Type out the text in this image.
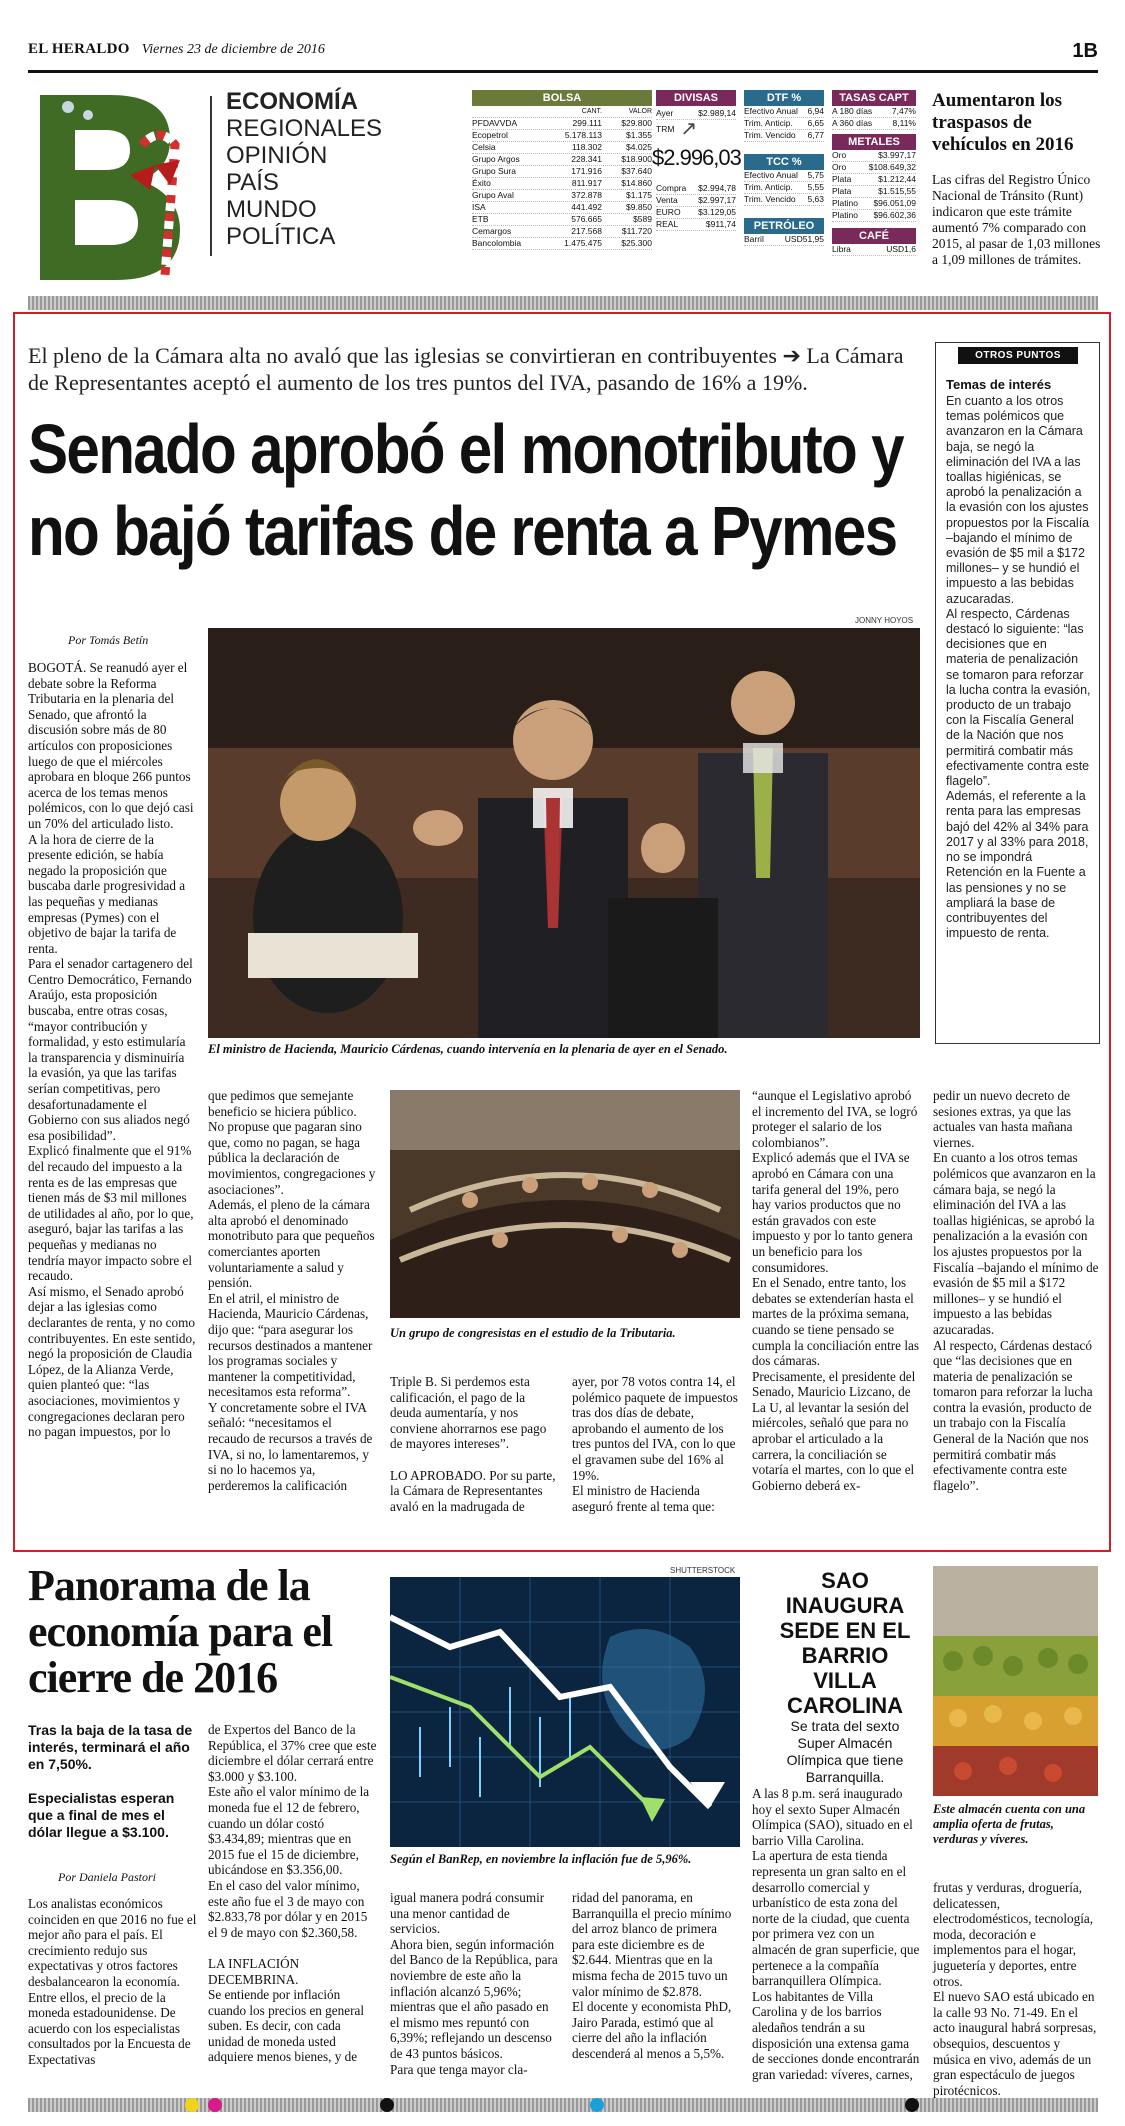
EL HERALDO Viernes 23 de diciembre de 2016	1B
ECONOMÍA
REGIONALES
OPINIÓN
PAÍS
MUNDO
POLÍTICA
BOLSA
CANT.	VALOR
PFDAVVDA	299.111	$29.800
Ecopetrol	5.178.113	$1.355
Celsia	118.302	$4.025
Grupo Argos	228.341	$18.900
Grupo Sura	171.916	$37.640
Éxito	811.917	$14.860
Grupo Aval	372.878	$1.175
ISA	441.492	$9.850
ETB	576.665	$589
Cemargos	217.568	$11.720
Bancolombia	1.475.475	$25.300
DIVISAS
Ayer	$2.989,14
TRM ↗
$2.996,03
Compra $2.994,78
Venta $2.997,17
EURO $3.129,05
REAL	$911,74
DTF %
Efectivo Anual 6,94
Trim. Anticip. 6,65
Trim. Vencido 6,77
TCC %
Efectivo Anual 5,75
Trim. Anticip. 5,55
Trim. Vencido 5,63
PETRÓLEO
Barril USD51,95
TASAS CAPT
A 180 días 7,47%
A 360 días 8,11%
METALES
Oro	$3.997,17
Oro	$108.649,32
Plata	$1.212,44
Plata	$1.515,55
Platino $96.051,09
Platino $96.602,36
CAFÉ
Libra	USD1,6
Aumentaron los traspasos de vehículos en 2016
Las cifras del Registro Único Nacional de Tránsito (Runt) indicaron que este trámite aumentó 7% comparado con 2015, al pasar de 1,03 millones a 1,09 millones de trámites.
El pleno de la Cámara alta no avaló que las iglesias se convirtieran en contribuyentes ➔ La Cámara de Representantes aceptó el aumento de los tres puntos del IVA, pasando de 16% a 19%.
Senado aprobó el monotributo y
no bajó tarifas de renta a Pymes
OTROS PUNTOS
Temas de interés
En cuanto a los otros temas polémicos que avanzaron en la Cámara baja, se negó la eliminación del IVA a las toallas higiénicas, se aprobó la penalización a la evasión con los ajustes propuestos por la Fiscalía –bajando el mínimo de evasión de $5 mil a $172 millones– y se hundió el impuesto a las bebidas azucaradas.
Al respecto, Cárdenas destacó lo siguiente: “las decisiones que en materia de penalización se tomaron para reforzar la lucha contra la evasión, producto de un trabajo con la Fiscalía General de la Nación que nos permitirá combatir más efectivamente contra este flagelo”.
Además, el referente a la renta para las empresas bajó del 42% al 34% para 2017 y al 33% para 2018, no se impondrá Retención en la Fuente a las pensiones y no se ampliará la base de contribuyentes del impuesto de renta.
Por Tomás Betín
BOGOTÁ. Se reanudó ayer el debate sobre la Reforma Tributaria en la plenaria del Senado, que afrontó la discusión sobre más de 80 artículos con proposiciones luego de que el miércoles aprobara en bloque 266 puntos acerca de los temas menos polémicos, con lo que dejó casi un 70% del articulado listo.
A la hora de cierre de la presente edición, se había negado la proposición que buscaba darle progresividad a las pequeñas y medianas empresas (Pymes) con el objetivo de bajar la tarifa de renta.
Para el senador cartagenero del Centro Democrático, Fernando Araújo, esta proposición buscaba, entre otras cosas, “mayor contribución y formalidad, y esto estimularía la transparencia y disminuiría la evasión, ya que las tarifas serían competitivas, pero desafortunadamente el Gobierno con sus aliados negó esa posibilidad”.
Explicó finalmente que el 91% del recaudo del impuesto a la renta es de las empresas que tienen más de $3 mil millones de utilidades al año, por lo que, aseguró, bajar las tarifas a las pequeñas y medianas no tendría mayor impacto sobre el recaudo.
Así mismo, el Senado aprobó dejar a las iglesias como declarantes de renta, y no como contribuyentes. En este sentido, negó la proposición de Claudia López, de la Alianza Verde, quien planteó que: “las asociaciones, movimientos y congregaciones declaran pero no pagan impuestos, por lo
JONNY HOYOS
El ministro de Hacienda, Mauricio Cárdenas, cuando intervenía en la plenaria de ayer en el Senado.
Un grupo de congresistas en el estudio de la Tributaria.
que pedimos que semejante beneficio se hiciera público. No propuse que pagaran sino que, como no pagan, se haga pública la declaración de movimientos, congregaciones y asociaciones”.
Además, el pleno de la cámara alta aprobó el denominado monotributo para que pequeños comerciantes aporten voluntariamente a salud y pensión.
En el atril, el ministro de Hacienda, Mauricio Cárdenas, dijo que: “para asegurar los recursos destinados a mantener los programas sociales y mantener la competitividad, necesitamos esta reforma”.
Y concretamente sobre el IVA señaló: “necesitamos el recaudo de recursos a través de IVA, si no, lo lamentaremos, y si no lo hacemos ya, perderemos la calificación
Triple B. Si perdemos esta calificación, el pago de la deuda aumentaría, y nos conviene ahorrarnos ese pago de mayores intereses”.

LO APROBADO. Por su parte, la Cámara de Representantes avaló en la madrugada de
ayer, por 78 votos contra 14, el polémico paquete de impuestos tras dos días de debate, aprobando el aumento de los tres puntos del IVA, con lo que el gravamen sube del 16% al 19%.
El ministro de Hacienda aseguró frente al tema que:
“aunque el Legislativo aprobó el incremento del IVA, se logró proteger el salario de los colombianos”.
Explicó además que el IVA se aprobó en Cámara con una tarifa general del 19%, pero hay varios productos que no están gravados con este impuesto y por lo tanto genera un beneficio para los consumidores.
En el Senado, entre tanto, los debates se extenderían hasta el martes de la próxima semana, cuando se tiene pensado se cumpla la conciliación entre las dos cámaras.
Precisamente, el presidente del Senado, Mauricio Lizcano, de La U, al levantar la sesión del miércoles, señaló que para no aprobar el articulado a la carrera, la conciliación se votaría el martes, con lo que el Gobierno deberá ex-
pedir un nuevo decreto de sesiones extras, ya que las actuales van hasta mañana viernes.
En cuanto a los otros temas polémicos que avanzaron en la cámara baja, se negó la eliminación del IVA a las toallas higiénicas, se aprobó la penalización a la evasión con los ajustes propuestos por la Fiscalía –bajando el mínimo de evasión de $5 mil a $172 millones– y se hundió el impuesto a las bebidas azucaradas.
Al respecto, Cárdenas destacó que “las decisiones que en materia de penalización se tomaron para reforzar la lucha contra la evasión, producto de un trabajo con la Fiscalía General de la Nación que nos permitirá combatir más efectivamente contra este flagelo”.
Panorama de la economía para el cierre de 2016
Tras la baja de la tasa de interés, terminará el año en 7,50%.
Especialistas esperan que a final de mes el dólar llegue a $3.100.
Por Daniela Pastori
Los analistas económicos coinciden en que 2016 no fue el mejor año para el país. El crecimiento redujo sus expectativas y otros factores desbalancearon la economía.
Entre ellos, el precio de la moneda estadounidense. De acuerdo con los especialistas consultados por la Encuesta de Expectativas
de Expertos del Banco de la República, el 37% cree que este diciembre el dólar cerrará entre $3.000 y $3.100.
Este año el valor mínimo de la moneda fue el 12 de febrero, cuando un dólar costó $3.434,89; mientras que en 2015 fue el 15 de diciembre, ubicándose en $3.356,00.
En el caso del valor mínimo, este año fue el 3 de mayo con $2.833,78 por dólar y en 2015 el 9 de mayo con $2.360,58.

LA INFLACIÓN DECEMBRINA.
Se entiende por inflación cuando los precios en general suben. Es decir, con cada unidad de moneda usted adquiere menos bienes, y de
SHUTTERSTOCK
Según el BanRep, en noviembre la inflación fue de 5,96%.
igual manera podrá consumir una menor cantidad de servicios.
Ahora bien, según información del Banco de la República, para noviembre de este año la inflación alcanzó 5,96%; mientras que el año pasado en el mismo mes repuntó con 6,39%; reflejando un descenso de 43 puntos básicos.
Para que tenga mayor cla-
ridad del panorama, en Barranquilla el precio mínimo del arroz blanco de primera para este diciembre es de $2.644. Mientras que en la misma fecha de 2015 tuvo un valor mínimo de $2.878.
El docente y economista PhD, Jairo Parada, estimó que al cierre del año la inflación descenderá al menos a 5,5%.
SAO INAUGURA SEDE EN EL BARRIO VILLA CAROLINA
Se trata del sexto Super Almacén Olímpica que tiene Barranquilla.
A las 8 p.m. será inaugurado hoy el sexto Super Almacén Olímpica (SAO), situado en el barrio Villa Carolina.
La apertura de esta tienda representa un gran salto en el desarrollo comercial y urbanístico de esta zona del norte de la ciudad, que cuenta por primera vez con un almacén de gran superficie, que pertenece a la compañía barranquillera Olímpica.
Los habitantes de Villa Carolina y de los barrios aledaños tendrán a su disposición una extensa gama de secciones donde encontrarán gran variedad: víveres, carnes,
Este almacén cuenta con una amplia oferta de frutas, verduras y víveres.
frutas y verduras, droguería, delicatessen, electrodomésticos, tecnología, moda, decoración e implementos para el hogar, juguetería y deportes, entre otros.
El nuevo SAO está ubicado en la calle 93 No. 71-49. En el acto inaugural habrá sorpresas, obsequios, descuentos y música en vivo, además de un gran espectáculo de juegos pirotécnicos.
